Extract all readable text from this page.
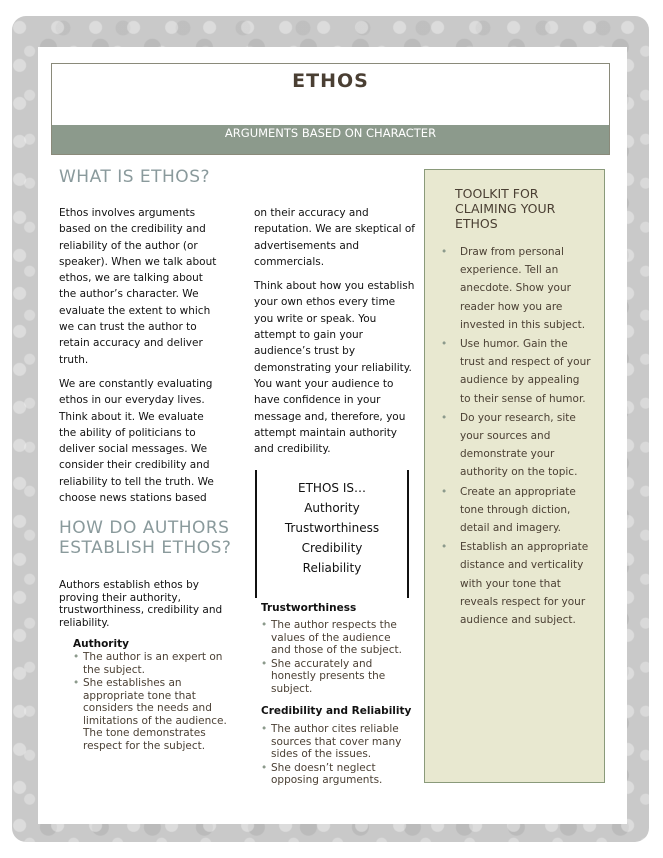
ETHOS
ARGUMENTS BASED ON CHARACTER
WHAT IS ETHOS?

Ethos involves arguments based on the credibility and reliability of the author (or speaker). When we talk about ethos, we are talking about the author’s character. We evaluate the extent to which we can trust the author to retain accuracy and deliver truth.

We are constantly evaluating ethos in our everyday lives. Think about it. We evaluate the ability of politicians to deliver social messages. We consider their credibility and reliability to tell the truth. We choose news stations based

HOW DO AUTHORS ESTABLISH ETHOS?
Authors establish ethos by proving their authority, trustworthiness, credibility and reliability.
Authority
• The author is an expert on the subject.
• She establishes an appropriate tone that considers the needs and limitations of the audience. The tone demonstrates respect for the subject.

on their accuracy and reputation. We are skeptical of advertisements and commercials.

Think about how you establish your own ethos every time you write or speak. You attempt to gain your audience’s trust by demonstrating your reliability. You want your audience to have confidence in your message and, therefore, you attempt maintain authority and credibility.

ETHOS IS…
Authority
Trustworthiness
Credibility
Reliability
Trustworthiness
• The author respects the values of the audience and those of the subject.
• She accurately and honestly presents the subject.
Credibility and Reliability
• The author cites reliable sources that cover many sides of the issues.
• She doesn’t neglect opposing arguments.
TOOLKIT FOR CLAIMING YOUR ETHOS
• Draw from personal experience. Tell an anecdote. Show your reader how you are invested in this subject.
• Use humor. Gain the trust and respect of your audience by appealing to their sense of humor.
• Do your research, site your sources and demonstrate your authority on the topic.
• Create an appropriate tone through diction, detail and imagery.
• Establish an appropriate distance and verticality with your tone that reveals respect for your audience and subject.
